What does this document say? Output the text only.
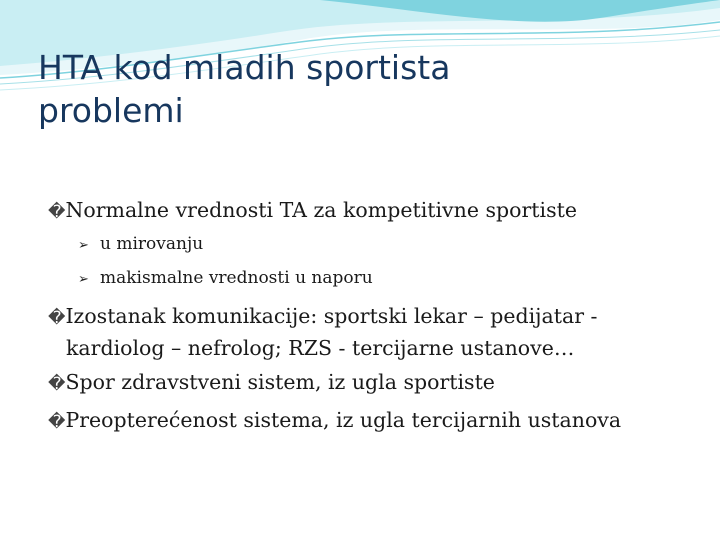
HTA kod mladih sportista
problemi
�Normalne vrednosti TA za kompetitivne sportiste
➢ u mirovanju
➢ makismalne vrednosti u naporu
�Izostanak komunikacije: sportski lekar – pedijatar -
kardiolog – nefrolog; RZS - tercijarne ustanove…
�Spor zdravstveni sistem, iz ugla sportiste
�Preopterećenost sistema, iz ugla tercijarnih ustanova
